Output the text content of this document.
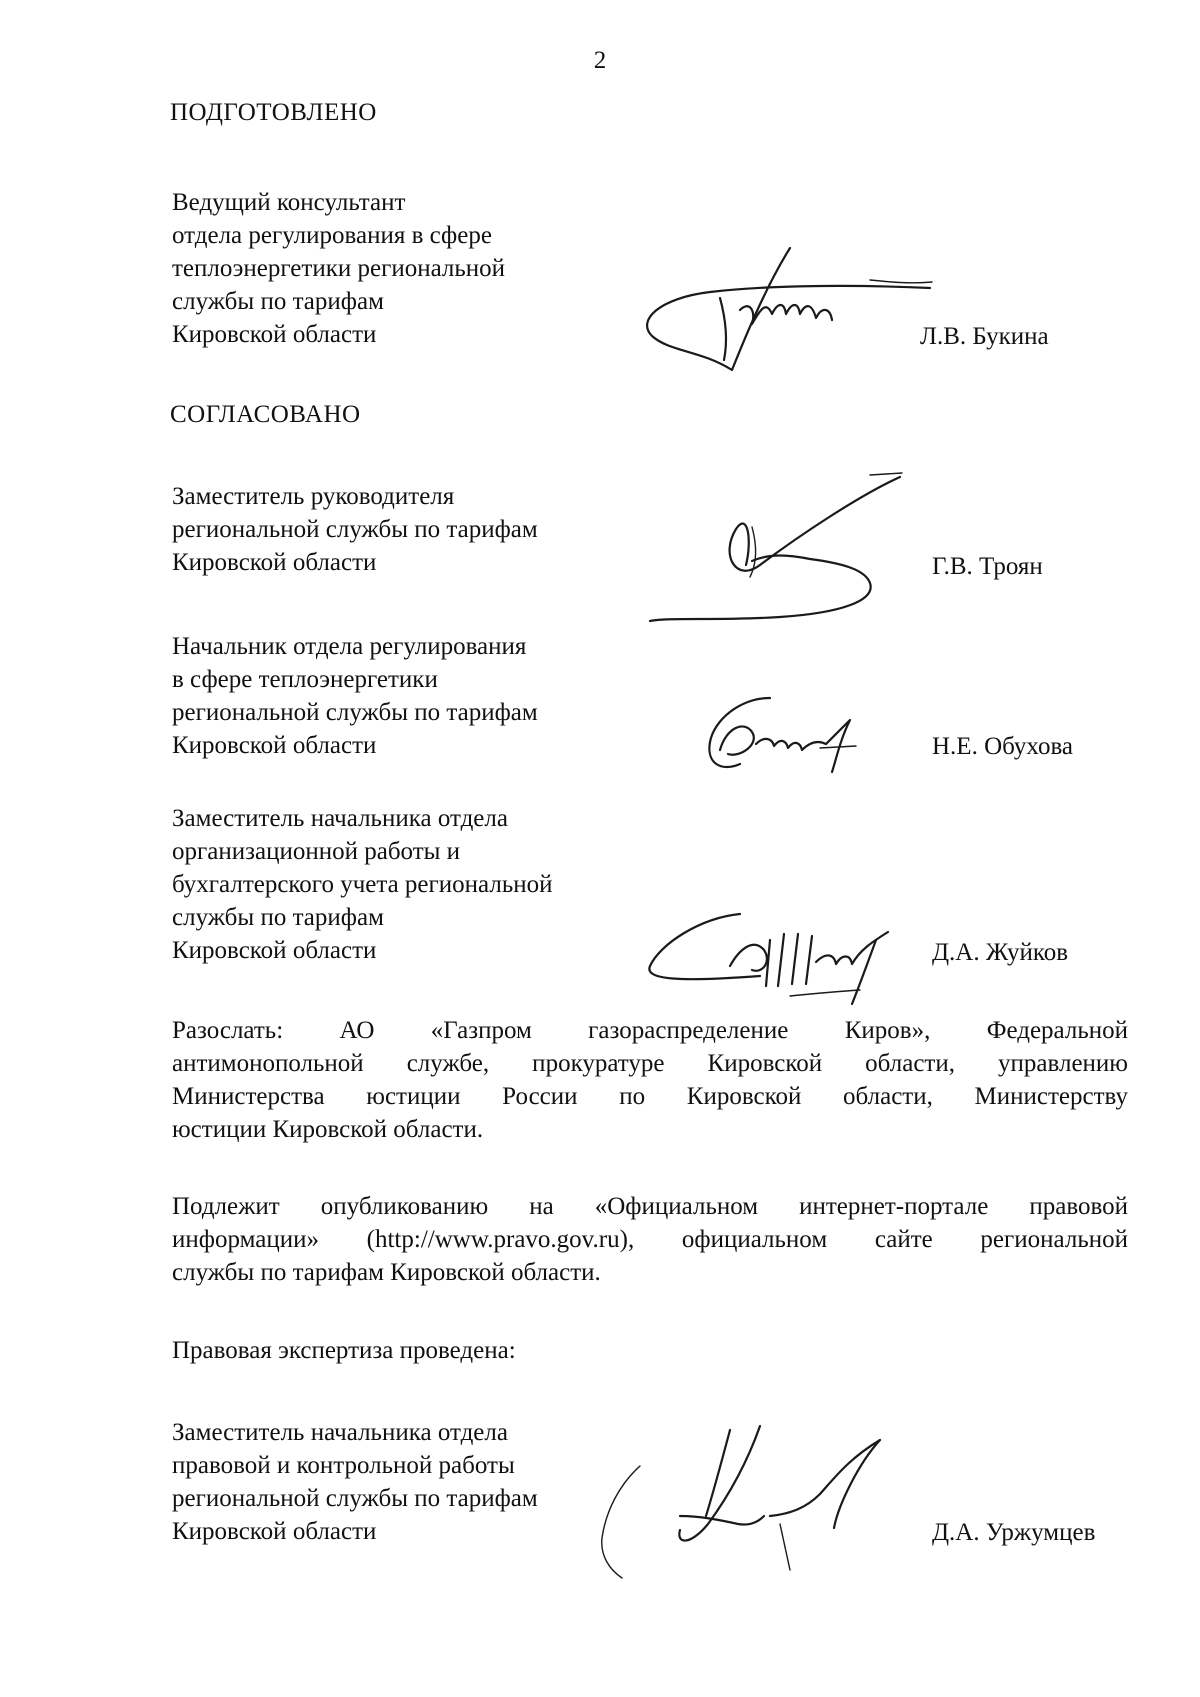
2
ПОДГОТОВЛЕНО
Ведущий консультант
отдела регулирования в сфере
теплоэнергетики региональной
службы по тарифам
Кировской области	Л.В. Букина
СОГЛАСОВАНО
Заместитель руководителя
региональной службы по тарифам
Кировской области	Г.В. Троян
Начальник отдела регулирования
в сфере теплоэнергетики
региональной службы по тарифам
Кировской области	Н.Е. Обухова
Заместитель начальника отдела
организационной работы и
бухгалтерского учета региональной
службы по тарифам
Кировской области	Д.А. Жуйков
Разослать: АО «Газпром газораспределение Киров», Федеральной
антимонопольной службе, прокуратуре Кировской области, управлению
Министерства юстиции России по Кировской области, Министерству
юстиции Кировской области.
Подлежит опубликованию на «Официальном интернет-портале правовой
информации» (http://www.pravo.gov.ru), официальном сайте региональной
службы по тарифам Кировской области.
Правовая экспертиза проведена:
Заместитель начальника отдела
правовой и контрольной работы
региональной службы по тарифам
Кировской области	Д.А. Уржумцев
